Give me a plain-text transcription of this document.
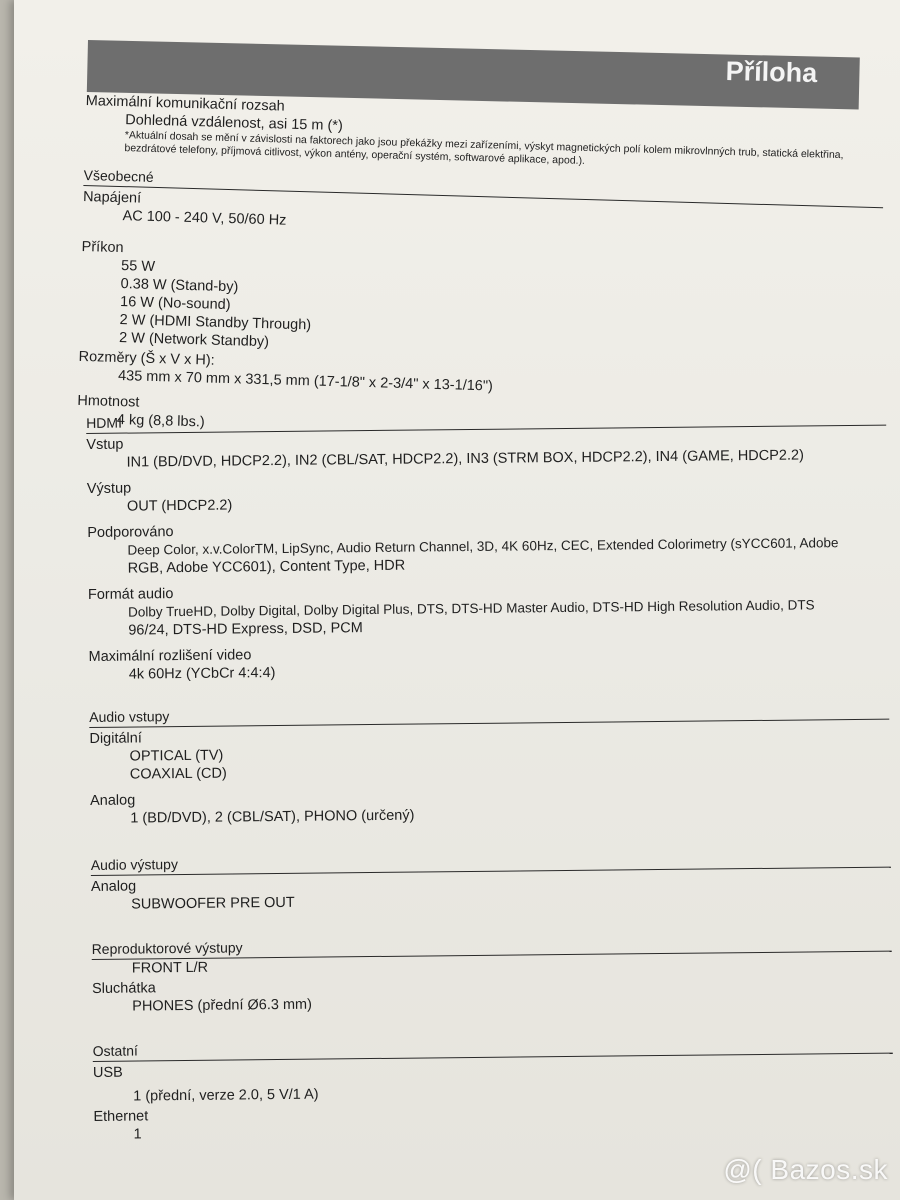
Příloha
Maximální komunikační rozsah
Dohledná vzdálenost, asi 15 m (*)
*Aktuální dosah se mění v závislosti na faktorech jako jsou překážky mezi zařízeními, výskyt magnetických polí kolem mikrovlnných trub, statická elektřina, bezdrátové telefony, příjmová citlivost, výkon antény, operační systém, softwarové aplikace, apod.).
Všeobecné
Napájení
AC 100 - 240 V, 50/60 Hz
Příkon
55 W
0.38 W (Stand-by)
16 W (No-sound)
2 W (HDMI Standby Through)
2 W (Network Standby)
Rozměry (Š x V x H):
435 mm x 70 mm x 331,5 mm (17-1/8" x 2-3/4" x 13-1/16")
Hmotnost
4 kg (8,8 lbs.)
HDMI
Vstup
IN1 (BD/DVD, HDCP2.2), IN2 (CBL/SAT, HDCP2.2), IN3 (STRM BOX, HDCP2.2), IN4 (GAME, HDCP2.2)
Výstup
OUT (HDCP2.2)
Podporováno
Deep Color, x.v.ColorTM, LipSync, Audio Return Channel, 3D, 4K 60Hz, CEC, Extended Colorimetry (sYCC601, Adobe
RGB, Adobe YCC601), Content Type, HDR
Formát audio
Dolby TrueHD, Dolby Digital, Dolby Digital Plus, DTS, DTS-HD Master Audio, DTS-HD High Resolution Audio, DTS
96/24, DTS-HD Express, DSD, PCM
Maximální rozlišení video
4k 60Hz (YCbCr 4:4:4)
Audio vstupy
Digitální
OPTICAL (TV)
COAXIAL (CD)
Analog
1 (BD/DVD), 2 (CBL/SAT), PHONO (určený)
Audio výstupy
Analog
SUBWOOFER PRE OUT
Reproduktorové výstupy
FRONT L/R
Sluchátka
PHONES (přední Ø6.3 mm)
Ostatní
USB
1 (přední, verze 2.0, 5 V/1 A)
Ethernet
1
@( Bazos.sk
